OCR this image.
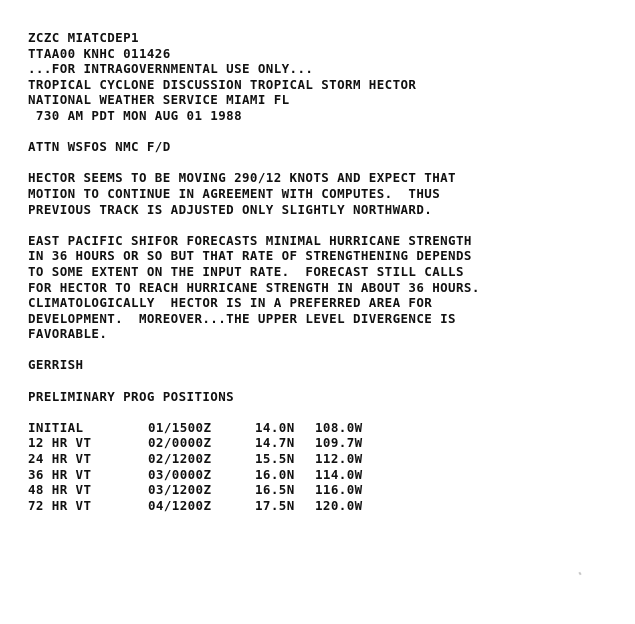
ZCZC MIATCDEP1
TTAA00 KNHC 011426
...FOR INTRAGOVERNMENTAL USE ONLY...
TROPICAL CYCLONE DISCUSSION TROPICAL STORM HECTOR
NATIONAL WEATHER SERVICE MIAMI FL
730 AM PDT MON AUG 01 1988
ATTN WSFOS NMC F/D
HECTOR SEEMS TO BE MOVING 290/12 KNOTS AND EXPECT THAT
MOTION TO CONTINUE IN AGREEMENT WITH COMPUTES.  THUS
PREVIOUS TRACK IS ADJUSTED ONLY SLIGHTLY NORTHWARD.
EAST PACIFIC SHIFOR FORECASTS MINIMAL HURRICANE STRENGTH
IN 36 HOURS OR SO BUT THAT RATE OF STRENGTHENING DEPENDS
TO SOME EXTENT ON THE INPUT RATE.  FORECAST STILL CALLS
FOR HECTOR TO REACH HURRICANE STRENGTH IN ABOUT 36 HOURS.
CLIMATOLOGICALLY  HECTOR IS IN A PREFERRED AREA FOR
DEVELOPMENT.  MOREOVER...THE UPPER LEVEL DIVERGENCE IS
FAVORABLE.
GERRISH
PRELIMINARY PROG POSITIONS
INITIAL	01/1500Z	14.0N	108.0W
12 HR VT	02/0000Z	14.7N	109.7W
24 HR VT	02/1200Z	15.5N	112.0W
36 HR VT	03/0000Z	16.0N	114.0W
48 HR VT	03/1200Z	16.5N	116.0W
72 HR VT	04/1200Z	17.5N	120.0W
